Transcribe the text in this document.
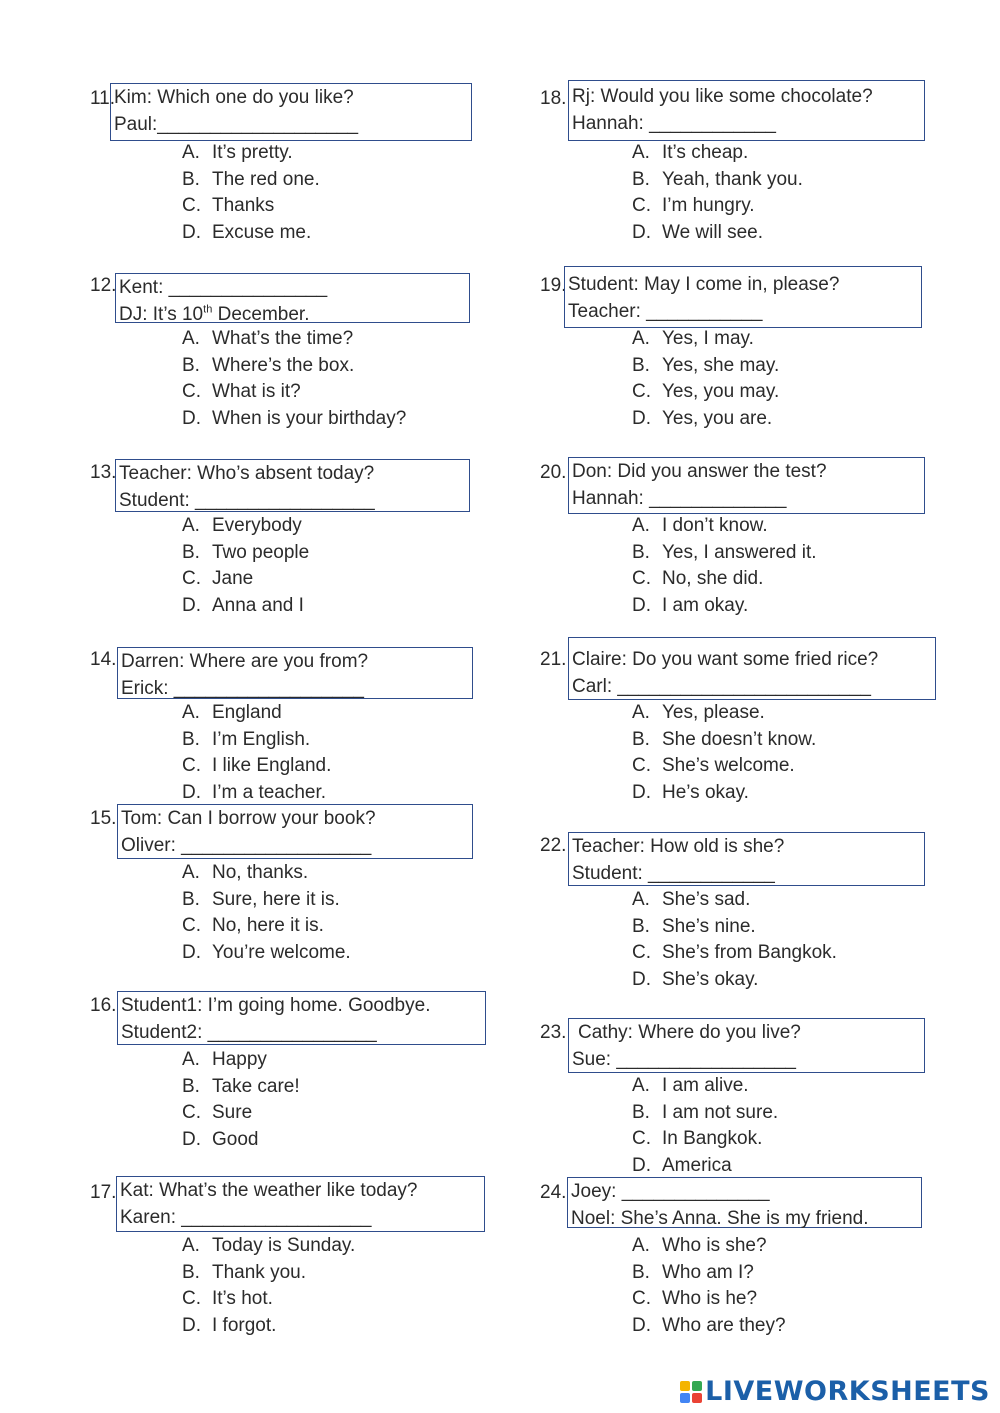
11.
Kim: Which one do you like?
Paul:___________________
A. It’s pretty.
B. The red one.
C. Thanks
D. Excuse me.
12. Kent: _______________
DJ: It’s 10th December.
A. What’s the time?
B. Where’s the box.
C. What is it?
D. When is your birthday?
13. Teacher: Who’s absent today?
Student: _________________
A. Everybody
B. Two people
C. Jane
D. Anna and I
14. Darren: Where are you from?
Erick: __________________
A. England
B. I’m English.
C. I like England.
D. I’m a teacher.
15. Tom: Can I borrow your book?
Oliver: __________________
A. No, thanks.
B. Sure, here it is.
C. No, here it is.
D. You’re welcome.
16. Student1: I’m going home. Goodbye.
Student2: ________________
A. Happy
B. Take care!
C. Sure
D. Good
17. Kat: What’s the weather like today?
Karen: __________________
A. Today is Sunday.
B. Thank you.
C. It’s hot.
D. I forgot.
18. Rj: Would you like some chocolate?
Hannah: ____________
A. It’s cheap.
B. Yeah, thank you.
C. I’m hungry.
D. We will see.
19. Student: May I come in, please?
Teacher: ___________
A. Yes, I may.
B. Yes, she may.
C. Yes, you may.
D. Yes, you are.
20. Don: Did you answer the test?
Hannah: _____________
A. I don’t know.
B. Yes, I answered it.
C. No, she did.
D. I am okay.
21. Claire: Do you want some fried rice?
Carl: ________________________
A. Yes, please.
B. She doesn’t know.
C. She’s welcome.
D. He’s okay.
22. Teacher: How old is she?
Student: ____________
A. She’s sad.
B. She’s nine.
C. She’s from Bangkok.
D. She’s okay.
23. Cathy: Where do you live?
Sue: _________________
A. I am alive.
B. I am not sure.
C. In Bangkok.
D. America
24. Joey: ______________
Noel: She’s Anna. She is my friend.
A. Who is she?
B. Who am I?
C. Who is he?
D. Who are they?
LIVEWORKSHEETS
